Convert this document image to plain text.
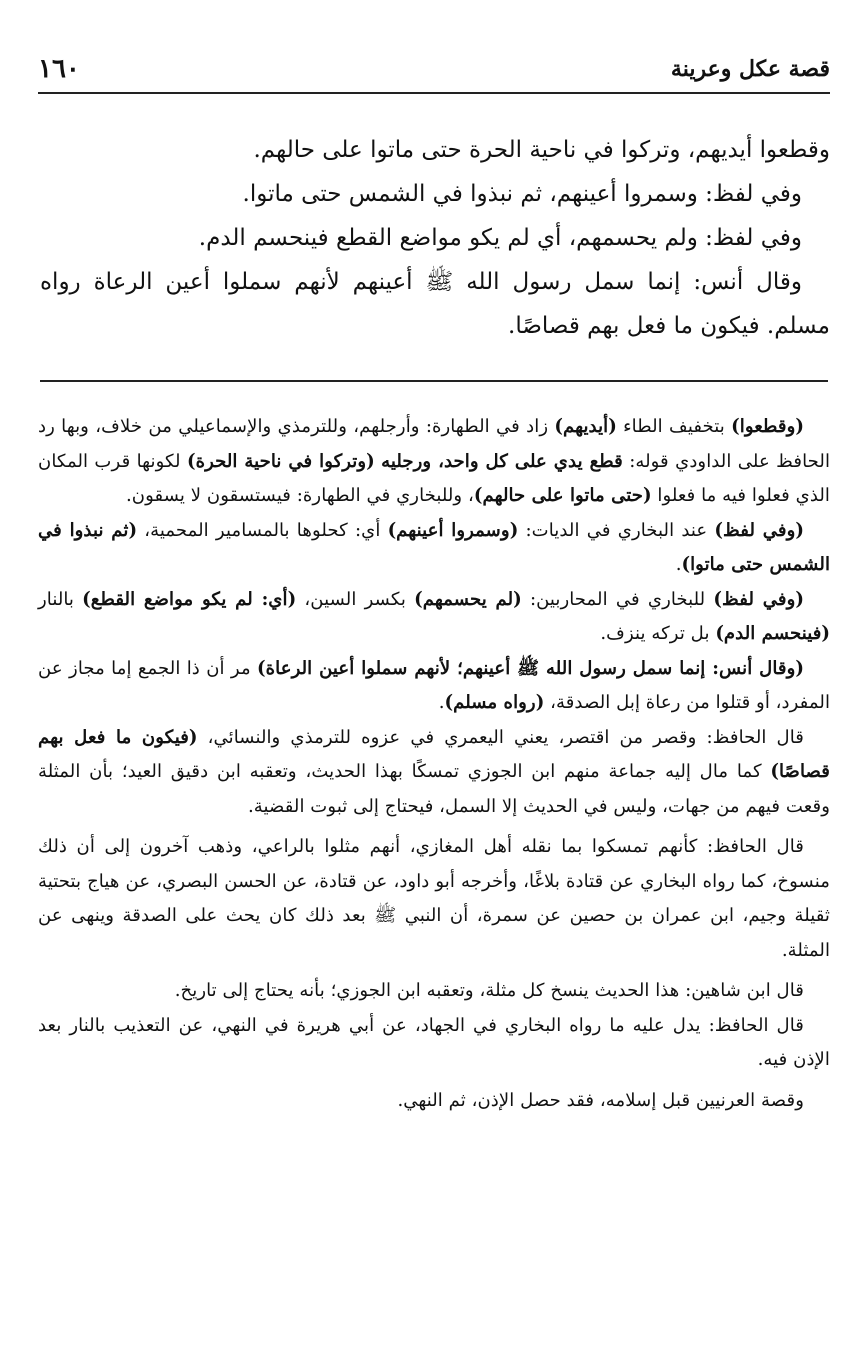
١٦٠	قصة عكل وعرينة

وقطعوا أيديهم، وتركوا في ناحية الحرة حتى ماتوا على حالهم.

وفي لفظ: وسمروا أعينهم، ثم نبذوا في الشمس حتى ماتوا.

وفي لفظ: ولم يحسمهم، أي لم يكو مواضع القطع فينحسم الدم.

وقال أنس: إنما سمل رسول الله ﷺ أعينهم لأنهم سملوا أعين الرعاة رواه مسلم. فيكون ما فعل بهم قصاصًا.

(وقطعوا) بتخفيف الطاء (أيديهم) زاد في الطهارة: وأرجلهم، وللترمذي والإسماعيلي من خلاف، وبها رد الحافظ على الداودي قوله: قطع يدي على كل واحد، ورجليه (وتركوا في ناحية الحرة) لكونها قرب المكان الذي فعلوا فيه ما فعلوا (حتى ماتوا على حالهم)، وللبخاري في الطهارة: فيستسقون لا يسقون.

(وفي لفظ) عند البخاري في الديات: (وسمروا أعينهم) أي: كحلوها بالمسامير المحمية، (ثم نبذوا في الشمس حتى ماتوا).

(وفي لفظ) للبخاري في المحاربين: (لم يحسمهم) بكسر السين، (أي: لم يكو مواضع القطع) بالنار (فينحسم الدم) بل تركه ينزف.

(وقال أنس: إنما سمل رسول الله ﷺ أعينهم؛ لأنهم سملوا أعين الرعاة) مر أن ذا الجمع إما مجاز عن المفرد، أو قتلوا من رعاة إبل الصدقة، (رواه مسلم).

قال الحافظ: وقصر من اقتصر، يعني اليعمري في عزوه للترمذي والنسائي، (فيكون ما فعل بهم قصاصًا) كما مال إليه جماعة منهم ابن الجوزي تمسكًا بهذا الحديث، وتعقبه ابن دقيق العيد؛ بأن المثلة وقعت فيهم من جهات، وليس في الحديث إلا السمل، فيحتاج إلى ثبوت القضية.

قال الحافظ: كأنهم تمسكوا بما نقله أهل المغازي، أنهم مثلوا بالراعي، وذهب آخرون إلى أن ذلك منسوخ، كما رواه البخاري عن قتادة بلاغًا، وأخرجه أبو داود، عن قتادة، عن الحسن البصري، عن هياج بتحتية ثقيلة وجيم، ابن عمران بن حصين عن سمرة، أن النبي ﷺ بعد ذلك كان يحث على الصدقة وينهى عن المثلة.

قال ابن شاهين: هذا الحديث ينسخ كل مثلة، وتعقبه ابن الجوزي؛ بأنه يحتاج إلى تاريخ.

قال الحافظ: يدل عليه ما رواه البخاري في الجهاد، عن أبي هريرة في النهي، عن التعذيب بالنار بعد الإذن فيه.

وقصة العرنيين قبل إسلامه، فقد حصل الإذن، ثم النهي.
